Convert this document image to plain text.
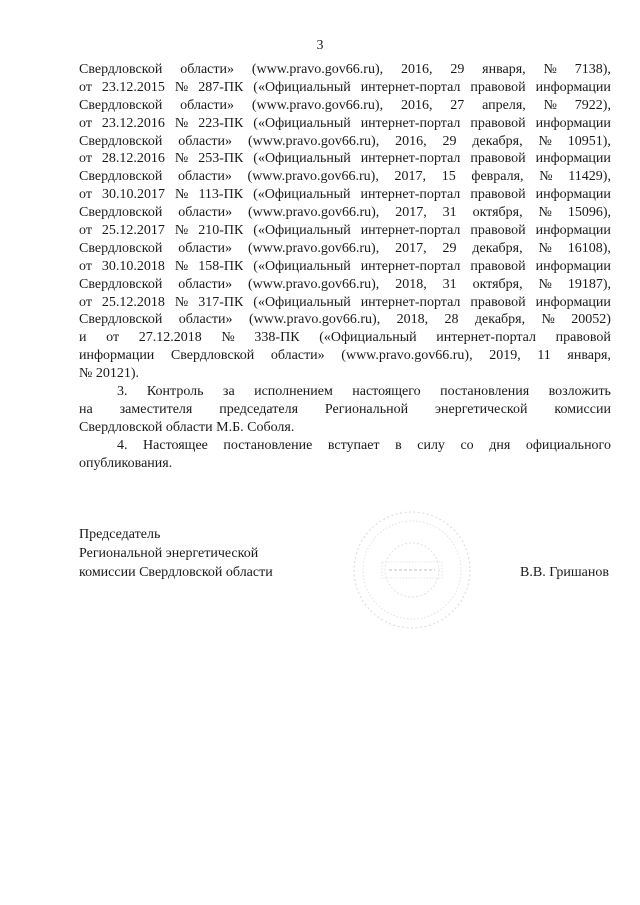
3
Свердловской области» (www.pravo.gov66.ru), 2016, 29 января, № 7138),
от 23.12.2015 № 287-ПК («Официальный интернет-портал правовой информации
Свердловской области» (www.pravo.gov66.ru), 2016, 27 апреля, № 7922),
от 23.12.2016 № 223-ПК («Официальный интернет-портал правовой информации
Свердловской области» (www.pravo.gov66.ru), 2016, 29 декабря, № 10951),
от 28.12.2016 № 253-ПК («Официальный интернет-портал правовой информации
Свердловской области» (www.pravo.gov66.ru), 2017, 15 февраля, № 11429),
от 30.10.2017 № 113-ПК («Официальный интернет-портал правовой информации
Свердловской области» (www.pravo.gov66.ru), 2017, 31 октября, № 15096),
от 25.12.2017 № 210-ПК («Официальный интернет-портал правовой информации
Свердловской области» (www.pravo.gov66.ru), 2017, 29 декабря, № 16108),
от 30.10.2018 № 158-ПК («Официальный интернет-портал правовой информации
Свердловской области» (www.pravo.gov66.ru), 2018, 31 октября, № 19187),
от 25.12.2018 № 317-ПК («Официальный интернет-портал правовой информации
Свердловской области» (www.pravo.gov66.ru), 2018, 28 декабря, № 20052)
и от 27.12.2018 № 338-ПК («Официальный интернет-портал правовой
информации Свердловской области» (www.pravo.gov66.ru), 2019, 11 января,
№ 20121).
3. Контроль за исполнением настоящего постановления возложить
на заместителя председателя Региональной энергетической комиссии
Свердловской области М.Б. Соболя.
4. Настоящее постановление вступает в силу со дня официального
опубликования.
Председатель
Региональной энергетической
комиссии Свердловской области	В.В. Гришанов
